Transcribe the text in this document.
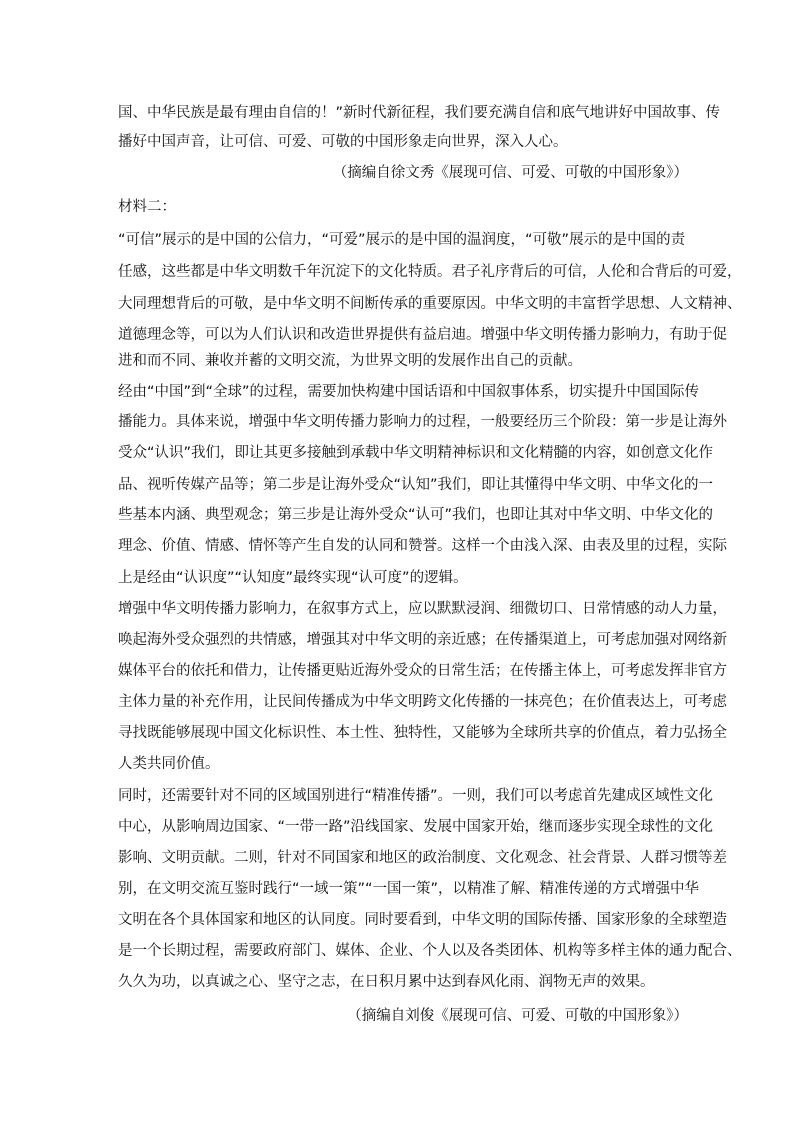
国、中华民族是最有理由自信的！”新时代新征程，我们要充满自信和底气地讲好中国故事、传
播好中国声音，让可信、可爱、可敬的中国形象走向世界，深入人心。
（摘编自徐文秀《展现可信、可爱、可敬的中国形象》）
材料二：
“可信”展示的是中国的公信力，“可爱”展示的是中国的温润度，“可敬”展示的是中国的责
任感，这些都是中华文明数千年沉淀下的文化特质。君子礼序背后的可信，人伦和合背后的可爱，
大同理想背后的可敬，是中华文明不间断传承的重要原因。中华文明的丰富哲学思想、人文精神、
道德理念等，可以为人们认识和改造世界提供有益启迪。增强中华文明传播力影响力，有助于促
进和而不同、兼收并蓄的文明交流，为世界文明的发展作出自己的贡献。
经由“中国”到“全球”的过程，需要加快构建中国话语和中国叙事体系，切实提升中国国际传
播能力。具体来说，增强中华文明传播力影响力的过程，一般要经历三个阶段：第一步是让海外
受众“认识”我们，即让其更多接触到承载中华文明精神标识和文化精髓的内容，如创意文化作
品、视听传媒产品等；第二步是让海外受众“认知”我们，即让其懂得中华文明、中华文化的一
些基本内涵、典型观念；第三步是让海外受众“认可”我们，也即让其对中华文明、中华文化的
理念、价值、情感、情怀等产生自发的认同和赞誉。这样一个由浅入深、由表及里的过程，实际
上是经由“认识度”“认知度”最终实现“认可度”的逻辑。
增强中华文明传播力影响力，在叙事方式上，应以默默浸润、细微切口、日常情感的动人力量，
唤起海外受众强烈的共情感，增强其对中华文明的亲近感；在传播渠道上，可考虑加强对网络新
媒体平台的依托和借力，让传播更贴近海外受众的日常生活；在传播主体上，可考虑发挥非官方
主体力量的补充作用，让民间传播成为中华文明跨文化传播的一抹亮色；在价值表达上，可考虑
寻找既能够展现中国文化标识性、本土性、独特性，又能够为全球所共享的价值点，着力弘扬全
人类共同价值。
同时，还需要针对不同的区域国别进行“精准传播”。一则，我们可以考虑首先建成区域性文化
中心，从影响周边国家、“一带一路”沿线国家、发展中国家开始，继而逐步实现全球性的文化
影响、文明贡献。二则，针对不同国家和地区的政治制度、文化观念、社会背景、人群习惯等差
别，在文明交流互鉴时践行“一域一策”“一国一策”，以精准了解、精准传递的方式增强中华
文明在各个具体国家和地区的认同度。同时要看到，中华文明的国际传播、国家形象的全球塑造
是一个长期过程，需要政府部门、媒体、企业、个人以及各类团体、机构等多样主体的通力配合、
久久为功，以真诚之心、坚守之志，在日积月累中达到春风化雨、润物无声的效果。
（摘编自刘俊《展现可信、可爱、可敬的中国形象》）
